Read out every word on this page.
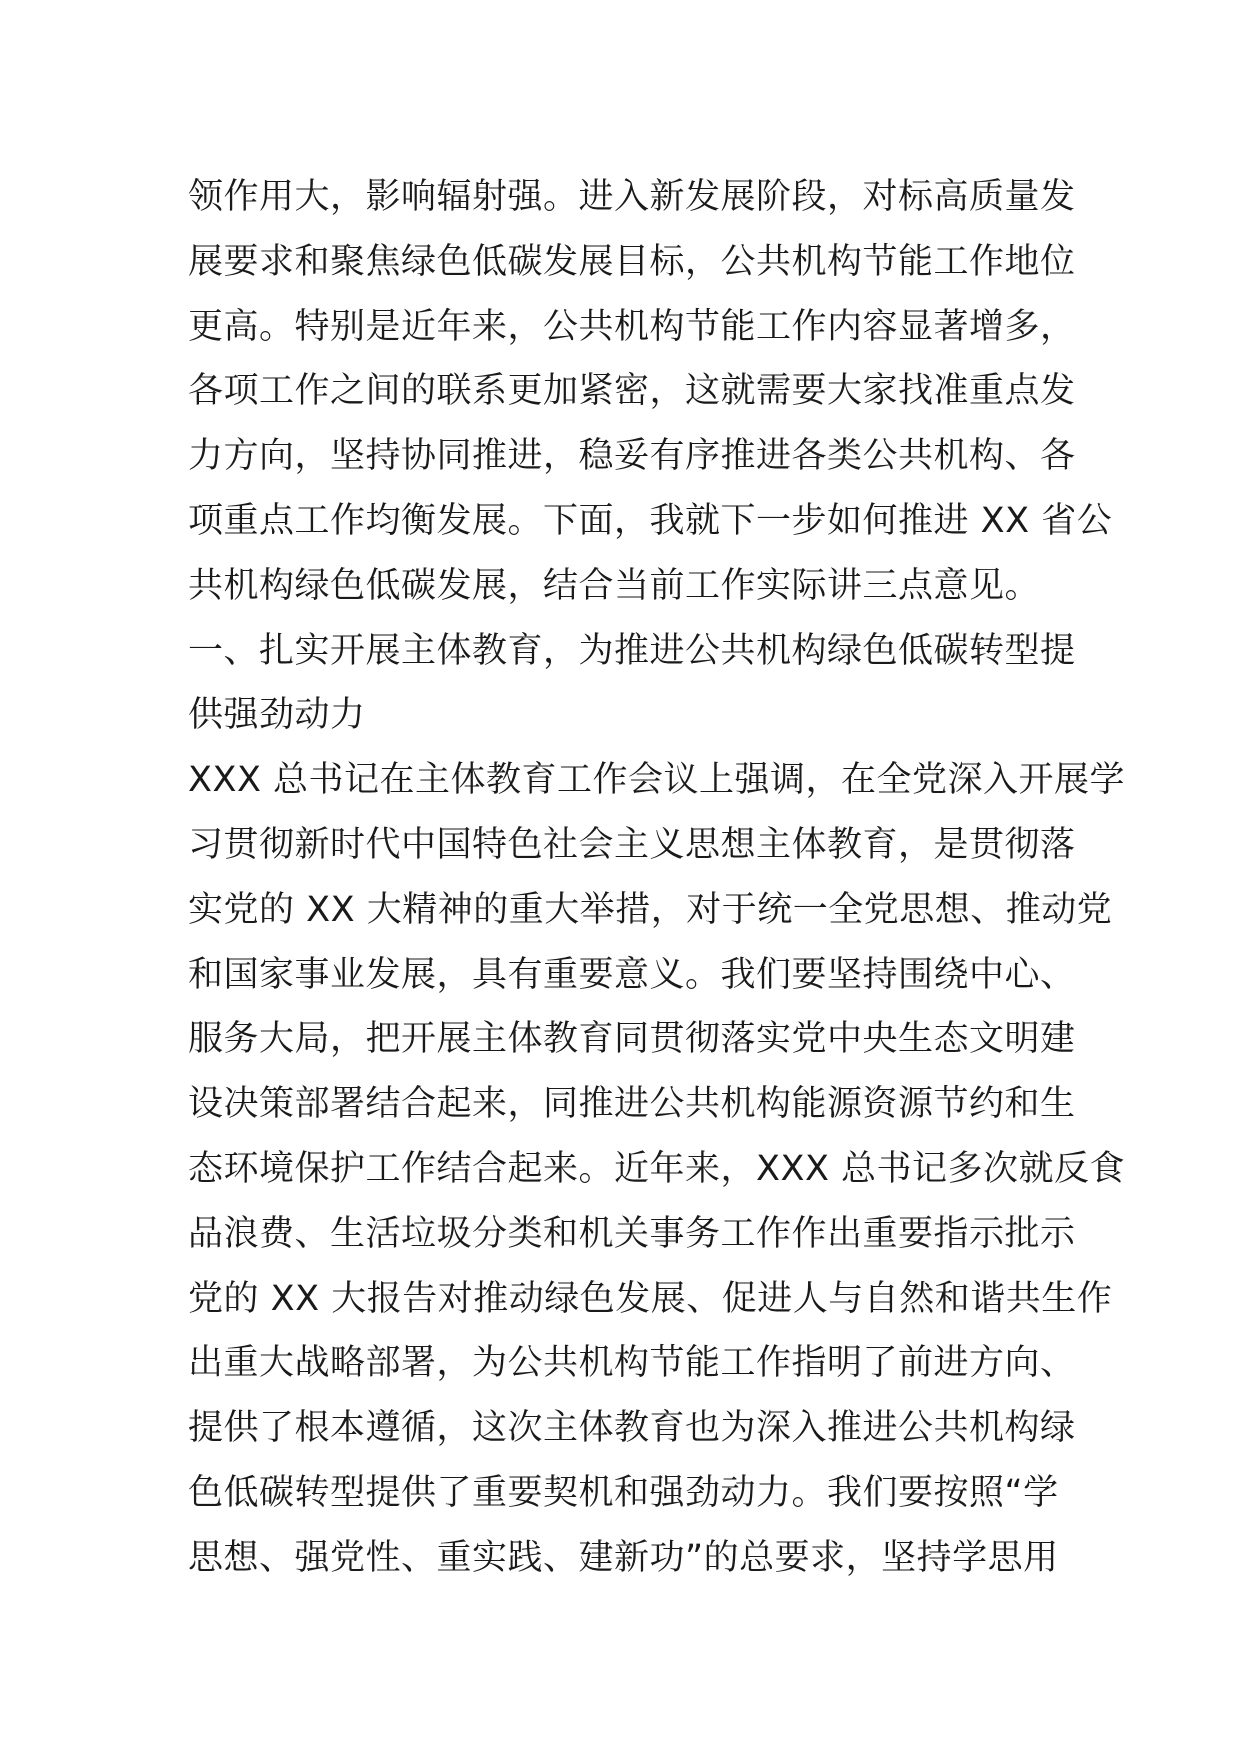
领作用大，影响辐射强。进入新发展阶段，对标高质量发
展要求和聚焦绿色低碳发展目标，公共机构节能工作地位
更高。特别是近年来，公共机构节能工作内容显著增多，
各项工作之间的联系更加紧密，这就需要大家找准重点发
力方向，坚持协同推进，稳妥有序推进各类公共机构、各
项重点工作均衡发展。下面，我就下一步如何推进 XX 省公
共机构绿色低碳发展，结合当前工作实际讲三点意见。
一、扎实开展主体教育，为推进公共机构绿色低碳转型提
供强劲动力
XXX 总书记在主体教育工作会议上强调，在全党深入开展学
习贯彻新时代中国特色社会主义思想主体教育，是贯彻落
实党的 XX 大精神的重大举措，对于统一全党思想、推动党
和国家事业发展，具有重要意义。我们要坚持围绕中心、
服务大局，把开展主体教育同贯彻落实党中央生态文明建
设决策部署结合起来，同推进公共机构能源资源节约和生
态环境保护工作结合起来。近年来，XXX 总书记多次就反食
品浪费、生活垃圾分类和机关事务工作作出重要指示批示
党的 XX 大报告对推动绿色发展、促进人与自然和谐共生作
出重大战略部署，为公共机构节能工作指明了前进方向、
提供了根本遵循，这次主体教育也为深入推进公共机构绿
色低碳转型提供了重要契机和强劲动力。我们要按照“学
思想、强党性、重实践、建新功”的总要求，坚持学思用
